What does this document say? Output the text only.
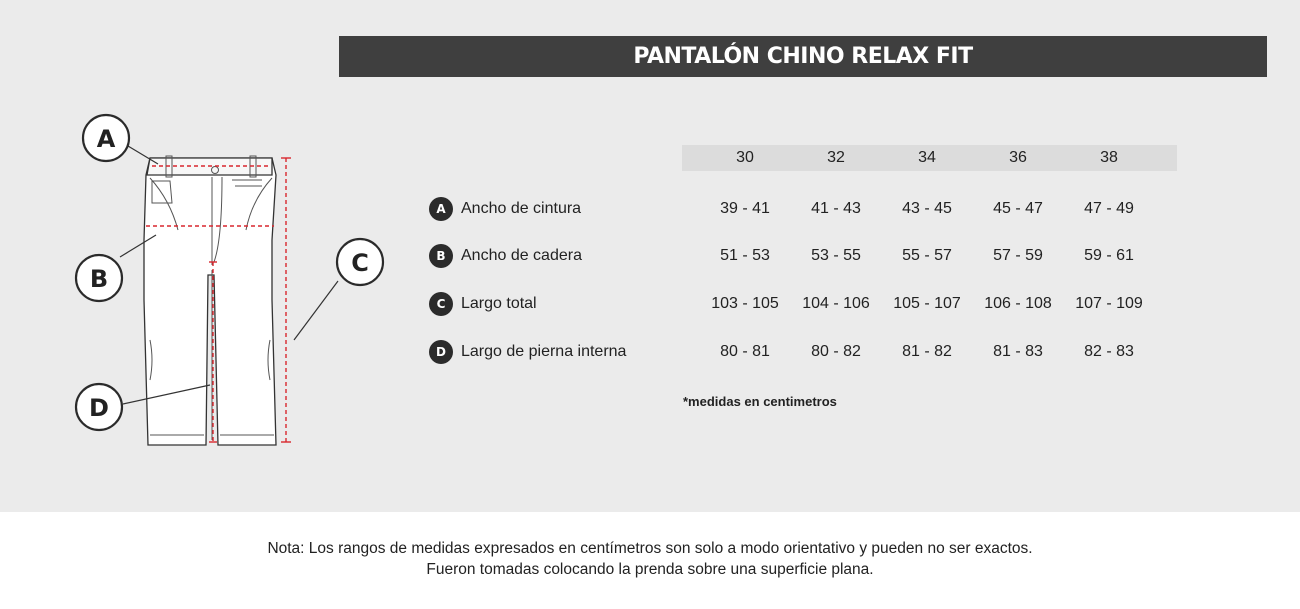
PANTALÓN CHINO RELAX FIT
A
B
C
D
30	32	34	36	38
A Ancho de cintura	39 - 41	41 - 43	43 - 45	45 - 47	47 - 49
B Ancho de cadera	51 - 53	53 - 55	55 - 57	57 - 59	59 - 61
C Largo total	103 - 105	104 - 106	105 - 107	106 - 108	107 - 109
D Largo de pierna interna	80 - 81	80 - 82	81 - 82	81 - 83	82 - 83
*medidas en centimetros
Nota: Los rangos de medidas expresados en centímetros son solo a modo orientativo y pueden no ser exactos.
Fueron tomadas colocando la prenda sobre una superficie plana.
